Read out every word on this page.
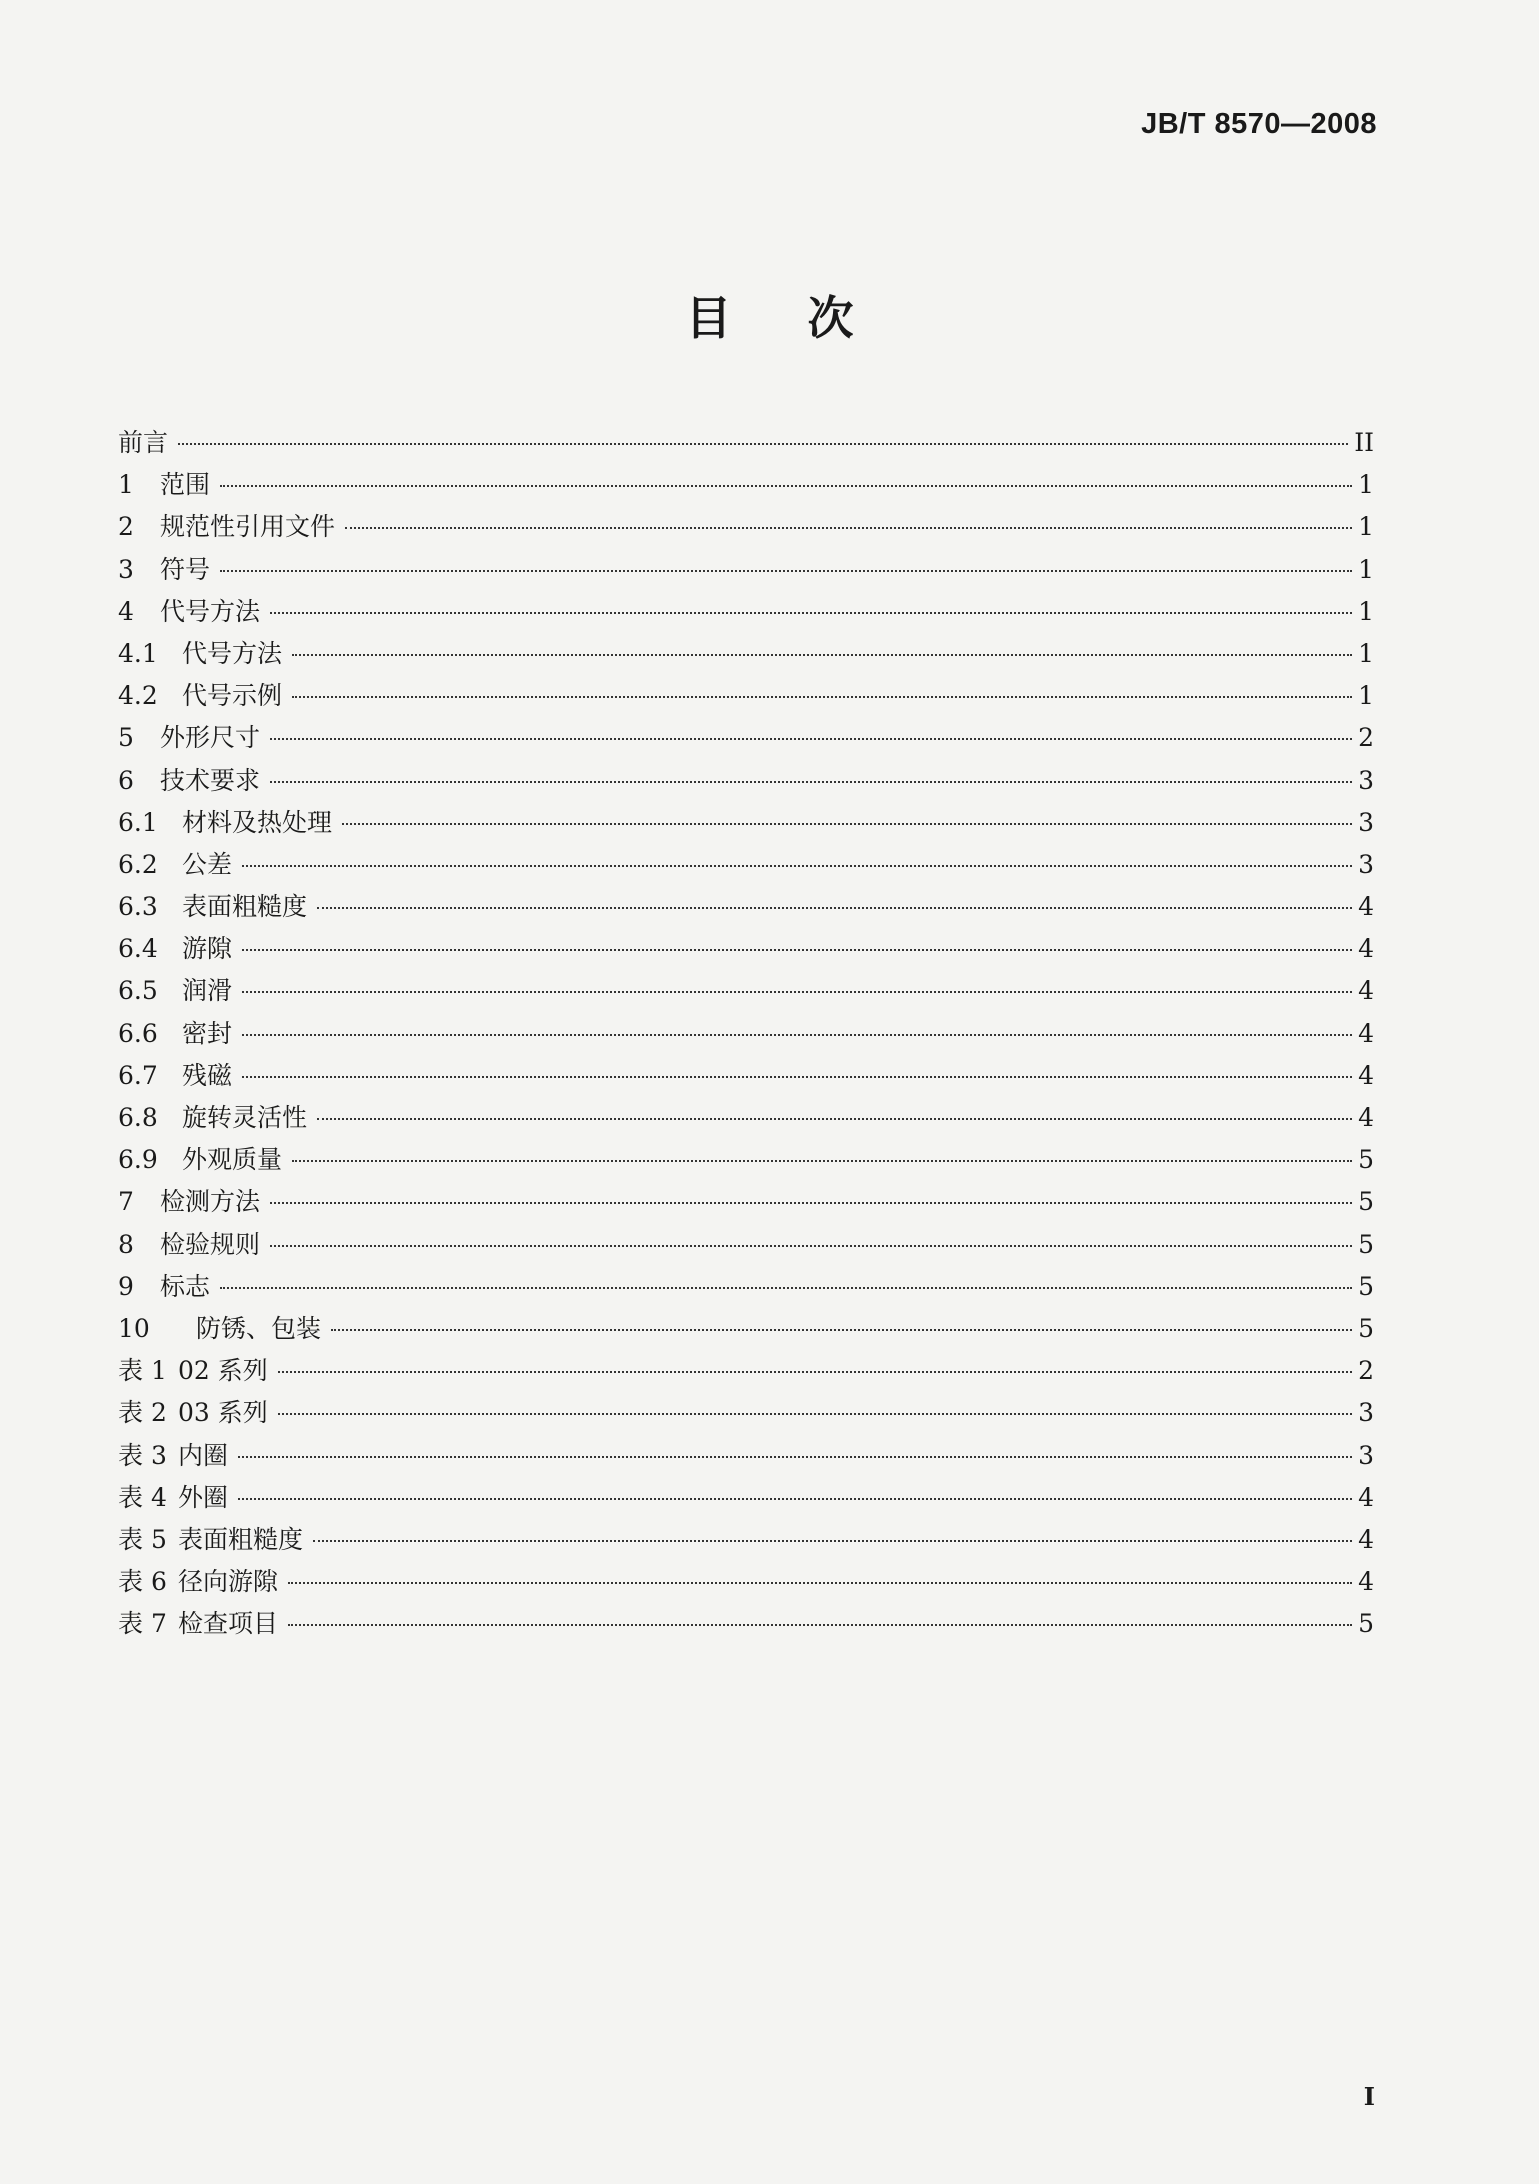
JB/T 8570—2008
目 次
前言	II
1	范围	1
2	规范性引用文件	1
3	符号	1
4	代号方法	1
4.1 代号方法	1
4.2 代号示例	1
5	外形尺寸	2
6	技术要求	3
6.1 材料及热处理	3
6.2 公差	3
6.3 表面粗糙度	4
6.4 游隙	4
6.5 润滑	4
6.6 密封	4
6.7 残磁	4
6.8 旋转灵活性	4
6.9 外观质量	5
7	检测方法	5
8	检验规则	5
9	标志	5
10	防锈、包装	5
表 1 02 系列	2
表 2 03 系列	3
表 3 内圈	3
表 4 外圈	4
表 5 表面粗糙度	4
表 6 径向游隙	4
表 7 检查项目	5
I
